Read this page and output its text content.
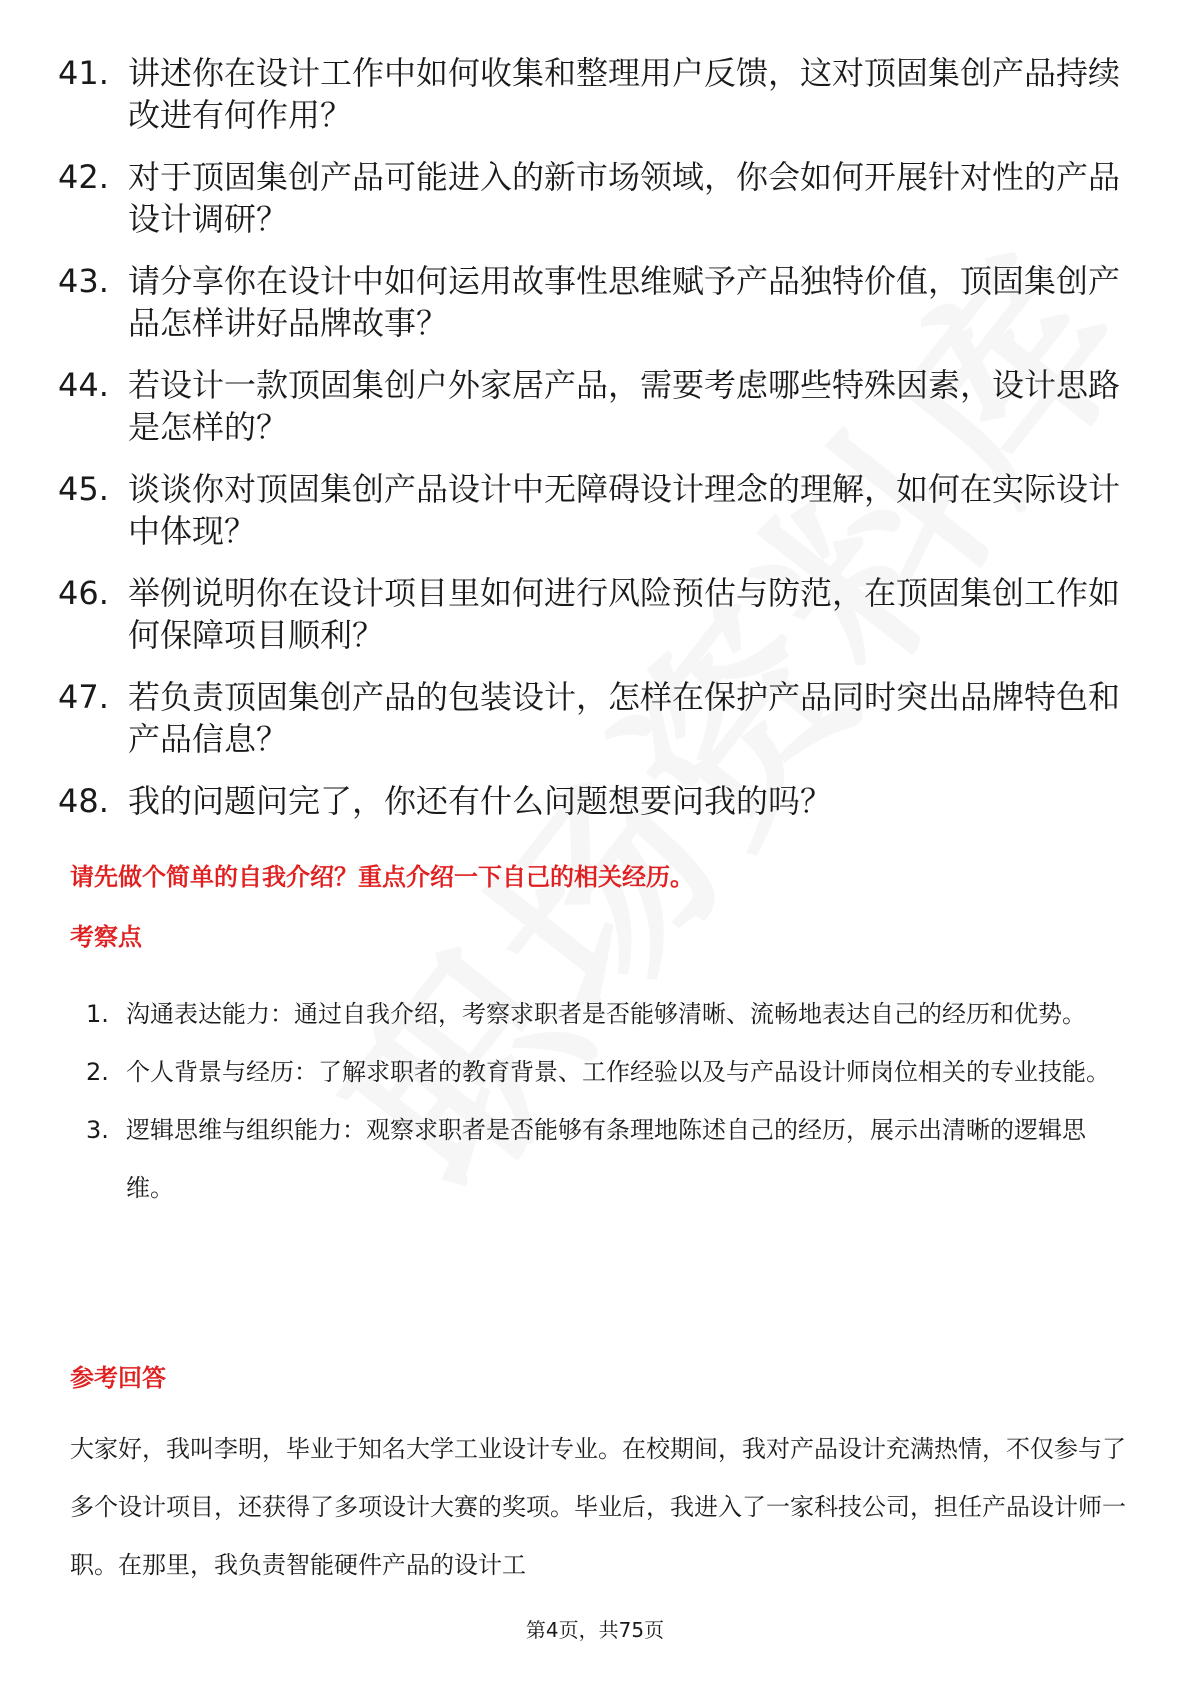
41. 讲述你在设计工作中如何收集和整理用户反馈，这对顶固集创产品持续改进有何作用？
42. 对于顶固集创产品可能进入的新市场领域，你会如何开展针对性的产品设计调研？
43. 请分享你在设计中如何运用故事性思维赋予产品独特价值，顶固集创产品怎样讲好品牌故事？
44. 若设计一款顶固集创户外家居产品，需要考虑哪些特殊因素，设计思路是怎样的？
45. 谈谈你对顶固集创产品设计中无障碍设计理念的理解，如何在实际设计中体现？
46. 举例说明你在设计项目里如何进行风险预估与防范，在顶固集创工作如何保障项目顺利？
47. 若负责顶固集创产品的包装设计，怎样在保护产品同时突出品牌特色和产品信息？
48. 我的问题问完了，你还有什么问题想要问我的吗？

请先做个简单的自我介绍？重点介绍一下自己的相关经历。

考察点

1. 沟通表达能力：通过自我介绍，考察求职者是否能够清晰、流畅地表达自己的经历和优势。
2. 个人背景与经历：了解求职者的教育背景、工作经验以及与产品设计师岗位相关的专业技能。
3. 逻辑思维与组织能力：观察求职者是否能够有条理地陈述自己的经历，展示出清晰的逻辑思维。

参考回答

大家好，我叫李明，毕业于知名大学工业设计专业。在校期间，我对产品设计充满热情，不仅参与了多个设计项目，还获得了多项设计大赛的奖项。毕业后，我进入了一家科技公司，担任产品设计师一职。在那里，我负责智能硬件产品的设计工

第4页，共75页
